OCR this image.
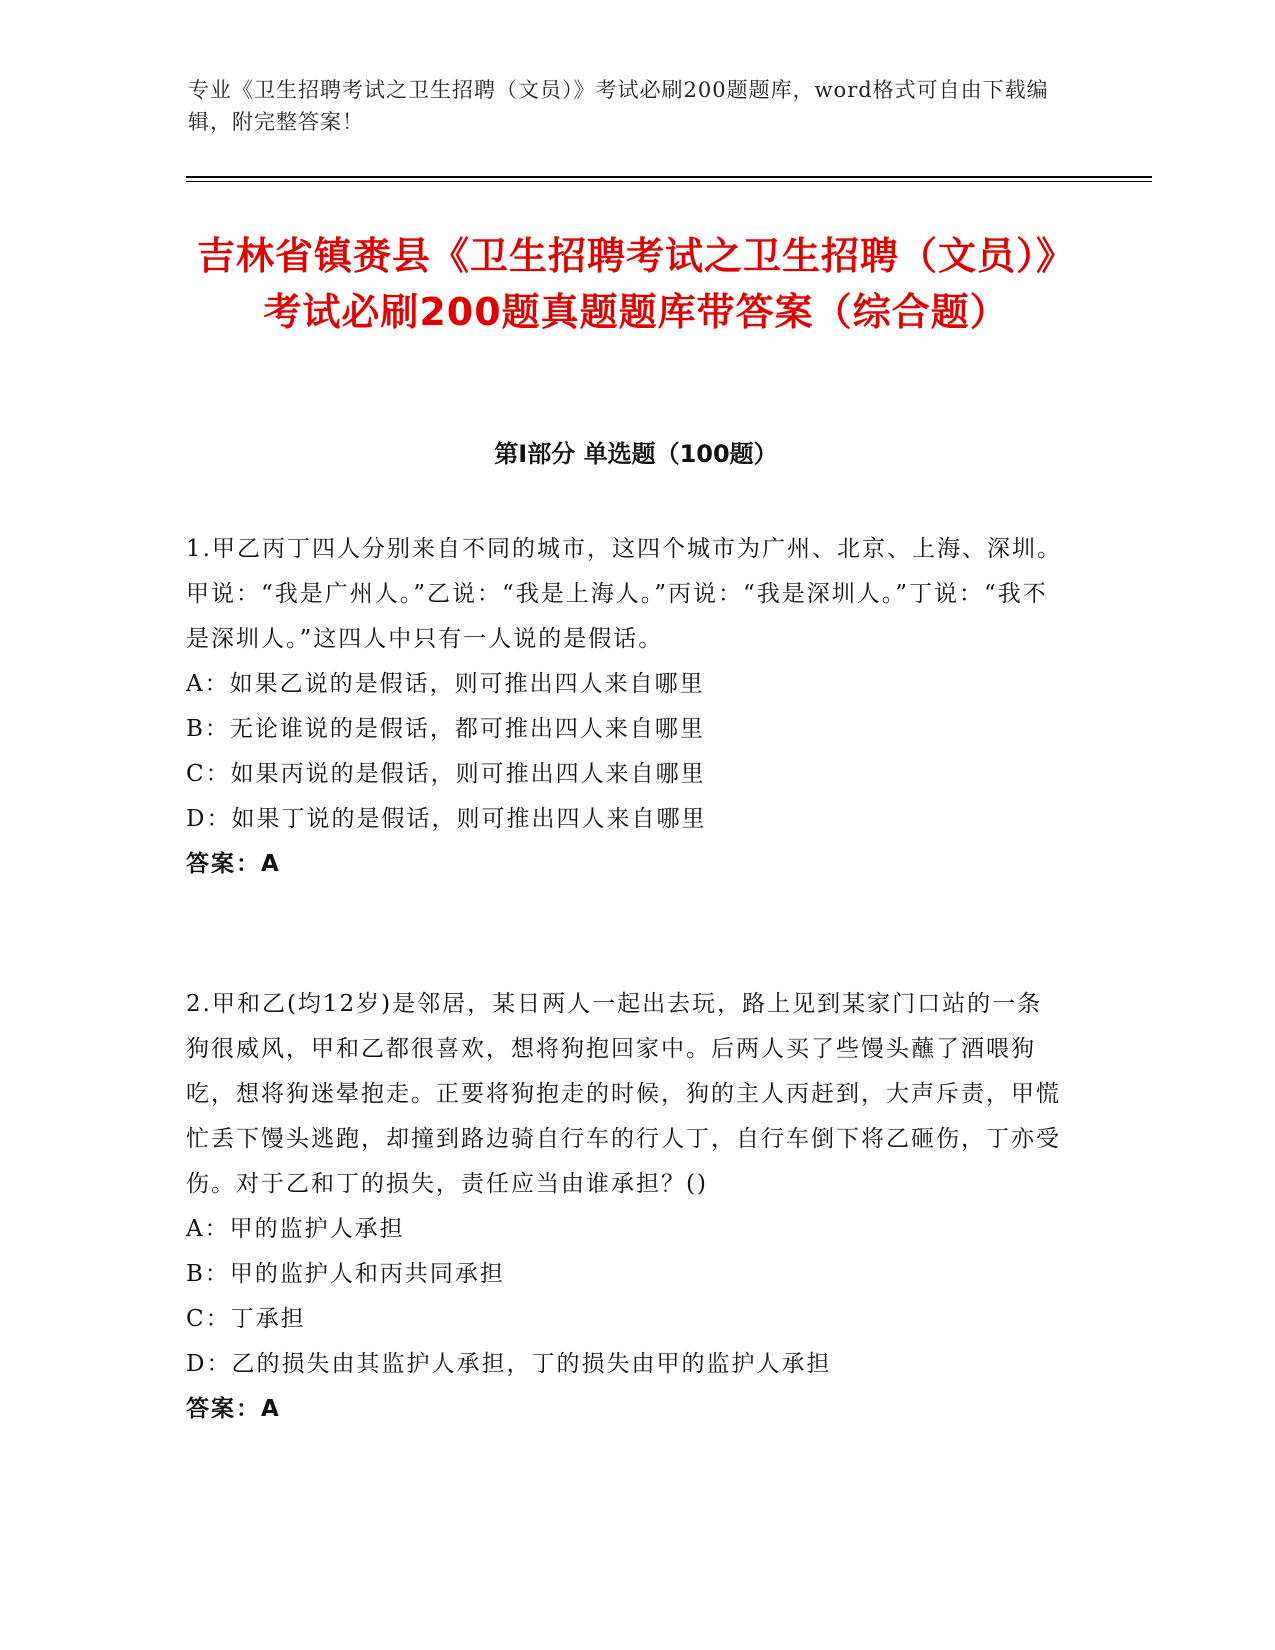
专业《卫生招聘考试之卫生招聘（文员）》考试必刷200题题库，word格式可自由下载编辑，附完整答案！
吉林省镇赉县《卫生招聘考试之卫生招聘（文员）》考试必刷200题真题题库带答案（综合题）
第Ⅰ部分 单选题（100题）

1.甲乙丙丁四人分别来自不同的城市，这四个城市为广州、北京、上海、深圳。甲说：“我是广州人。”乙说：“我是上海人。”丙说：“我是深圳人。”丁说：“我不是深圳人。”这四人中只有一人说的是假话。

A：如果乙说的是假话，则可推出四人来自哪里

B：无论谁说的是假话，都可推出四人来自哪里

C：如果丙说的是假话，则可推出四人来自哪里

D：如果丁说的是假话，则可推出四人来自哪里

答案：A

2.甲和乙(均12岁)是邻居，某日两人一起出去玩，路上见到某家门口站的一条狗很威风，甲和乙都很喜欢，想将狗抱回家中。后两人买了些馒头蘸了酒喂狗吃，想将狗迷晕抱走。正要将狗抱走的时候，狗的主人丙赶到，大声斥责，甲慌忙丢下馒头逃跑，却撞到路边骑自行车的行人丁，自行车倒下将乙砸伤，丁亦受伤。对于乙和丁的损失，责任应当由谁承担？()

A：甲的监护人承担

B：甲的监护人和丙共同承担

C：丁承担

D：乙的损失由其监护人承担，丁的损失由甲的监护人承担

答案：A
